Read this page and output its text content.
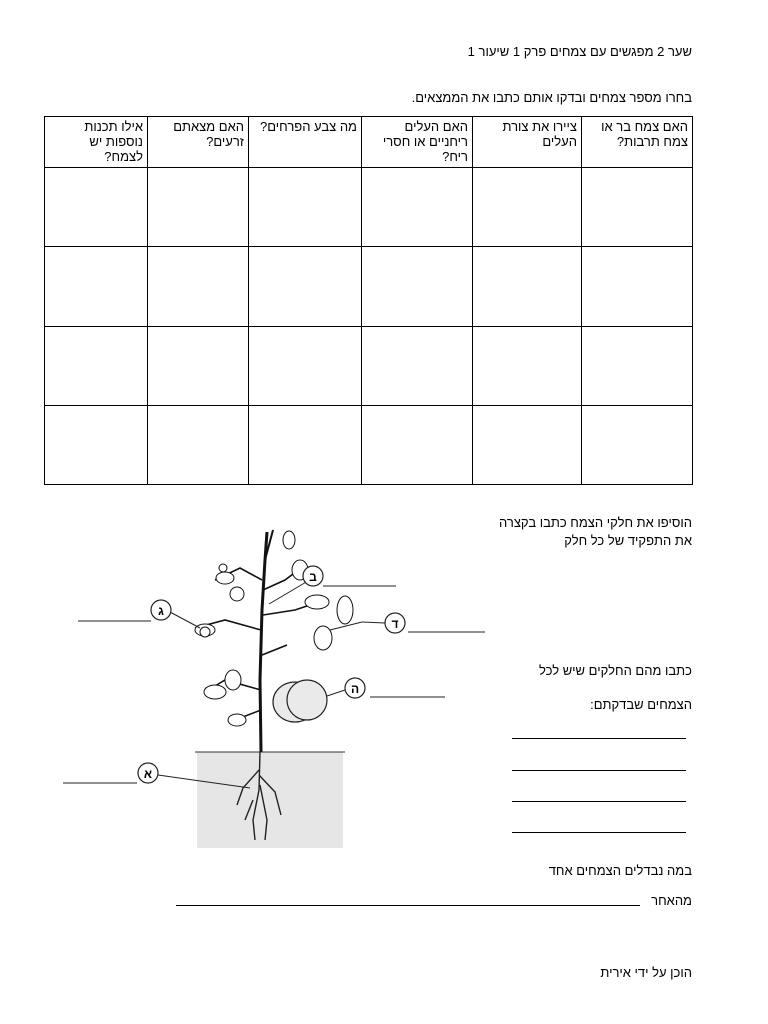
שער 2 מפגשים עם צמחים פרק 1 שיעור 1
בחרו מספר צמחים ובדקו אותם כתבו את הממצאים.
האם צמח בר או צמח תרבות?	ציירו את צורת העלים	האם העלים ריחניים או חסרי ריח?	מה צבע הפרחים?	האם מצאתם זרעים?	אילו תכנות נוספות יש לצמח?

הוסיפו את חלקי הצמח כתבו בקצרה את התפקיד של כל חלק
ב
ג
ד
ה
א
כתבו מהם החלקים שיש לכל
הצמחים שבדקתם:
במה נבדלים הצמחים אחד
מהאחר
הוכן על ידי אירית
